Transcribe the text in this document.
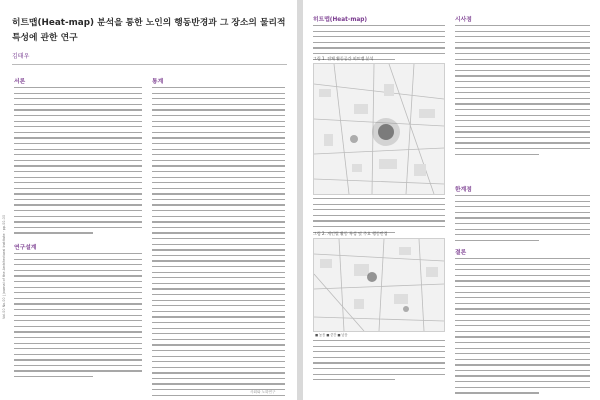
히트맵(Heat-map) 분석을 통한 노인의 행동반경과 그 장소의 물리적 특성에 관한 연구
김태우
Vol.00 No.00 | Journal of the Architectural Institute · pp.00-00
서론
연구설계
통계
사회와 노화연구
히트맵(Heat-map)
그림 1. 전체 활동공간 히트맵 분석
그림 2. 개인별 활동 특성 및 주요 행동반경
■ 높음 ■ 중간 ■ 낮음
시사점
한계점
결론
